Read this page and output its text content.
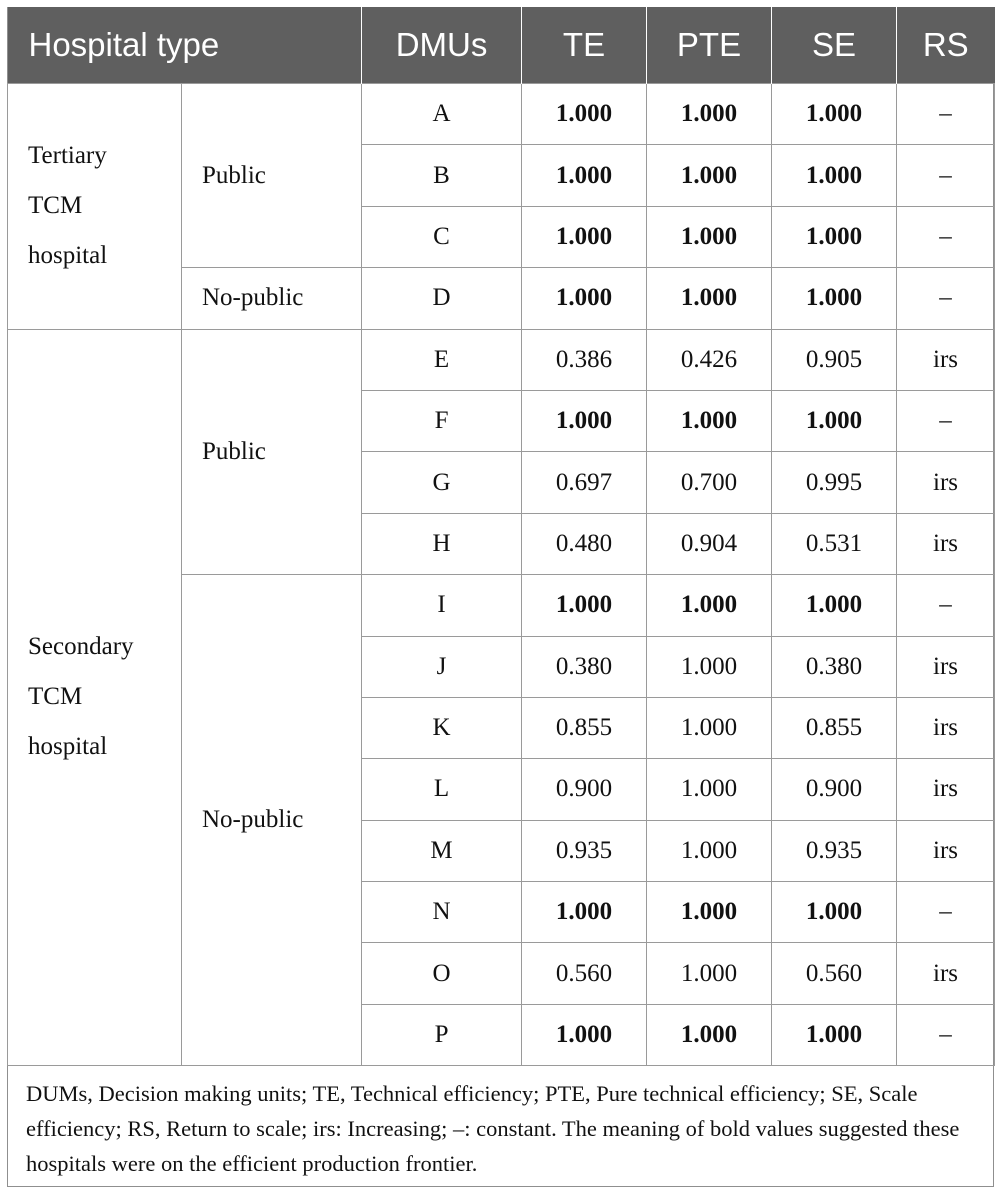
Hospital type		DMUs	TE	PTE	SE	RS
Tertiary
TCM
hospital	Public	A	1.000	1.000	1.000	–
		B	1.000	1.000	1.000	–
		C	1.000	1.000	1.000	–
	No-public	D	1.000	1.000	1.000	–
Secondary
TCM
hospital	Public	E	0.386	0.426	0.905	irs
		F	1.000	1.000	1.000	–
		G	0.697	0.700	0.995	irs
		H	0.480	0.904	0.531	irs
	No-public	I	1.000	1.000	1.000	–
		J	0.380	1.000	0.380	irs
		K	0.855	1.000	0.855	irs
		L	0.900	1.000	0.900	irs
		M	0.935	1.000	0.935	irs
		N	1.000	1.000	1.000	–
		O	0.560	1.000	0.560	irs
		P	1.000	1.000	1.000	–
DUMs, Decision making units; TE, Technical efficiency; PTE, Pure technical efficiency; SE, Scale efficiency; RS, Return to scale; irs: Increasing; –: constant. The meaning of bold values suggested these hospitals were on the efficient production frontier.
